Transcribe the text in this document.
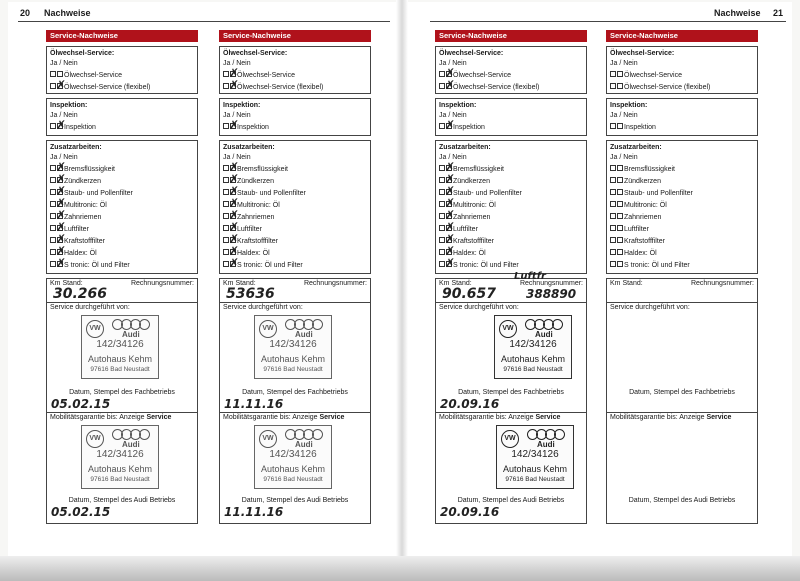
20 Nachweise	Nachweise 21
Service-Nachweise
Ölwechsel-Service:
Ja / Nein
Ölwechsel-Service
Ölwechsel-Service (flexibel)
✗
Inspektion:
Ja / Nein
Inspektion
✗
Zusatzarbeiten:
Ja / Nein
Bremsflüssigkeit
✗
Zündkerzen
✗
Staub- und Pollenfilter
✗
Multitronic: Öl
✗
Zahnriemen
✗
Luftfilter
✗
Kraftstofffilter
✗
Haldex: Öl
✗
S tronic: Öl und Filter
✗
Km Stand:	Rechnungsnummer:
30.266
Service durchgeführt von:
VW
Audi
142/34126
Autohaus Kehm
97616 Bad Neustadt
05.02.15
Datum, Stempel des Fachbetriebs
Mobilitätsgarantie bis: Anzeige Service
VW
Audi
142/34126
Autohaus Kehm
97616 Bad Neustadt
05.02.15
Datum, Stempel des Audi Betriebs
Service-Nachweise
Ölwechsel-Service:
Ja / Nein
Ölwechsel-Service
✗
Ölwechsel-Service (flexibel)
✗
Inspektion:
Ja / Nein
Inspektion
✗
Zusatzarbeiten:
Ja / Nein
Bremsflüssigkeit
✗
Zündkerzen
✗
Staub- und Pollenfilter
✗
Multitronic: Öl
✗
Zahnriemen
✗
Luftfilter
✗
Kraftstofffilter
✗
Haldex: Öl
✗
S tronic: Öl und Filter
✗
Km Stand:	Rechnungsnummer:
53636
Service durchgeführt von:
VW
Audi
142/34126
Autohaus Kehm
97616 Bad Neustadt
11.11.16
Datum, Stempel des Fachbetriebs
Mobilitätsgarantie bis: Anzeige Service
VW
Audi
142/34126
Autohaus Kehm
97616 Bad Neustadt
11.11.16
Datum, Stempel des Audi Betriebs
Service-Nachweise
Ölwechsel-Service:
Ja / Nein
Ölwechsel-Service
✗
Ölwechsel-Service (flexibel)
✗
Inspektion:
Ja / Nein
Inspektion
✗
Zusatzarbeiten:
Ja / Nein
Bremsflüssigkeit
✗
Zündkerzen
✗
Staub- und Pollenfilter
✗
Multitronic: Öl
✗
Zahnriemen
✗
Luftfilter
✗
Kraftstofffilter
✗
Haldex: Öl
✗
S tronic: Öl und Filter
✗
Km Stand:	Rechnungsnummer:
90.657 388890
Luftfr
Service durchgeführt von:
VW
Audi
142/34126
Autohaus Kehm
97616 Bad Neustadt
20.09.16
Datum, Stempel des Fachbetriebs
Mobilitätsgarantie bis: Anzeige Service
VW
Audi
142/34126
Autohaus Kehm
97616 Bad Neustadt
20.09.16
Datum, Stempel des Audi Betriebs
Service-Nachweise
Ölwechsel-Service:
Ja / Nein
Ölwechsel-Service
Ölwechsel-Service (flexibel)
Inspektion:
Ja / Nein
Inspektion
Zusatzarbeiten:
Ja / Nein
Bremsflüssigkeit
Zündkerzen
Staub- und Pollenfilter
Multitronic: Öl
Zahnriemen
Luftfilter
Kraftstofffilter
Haldex: Öl
S tronic: Öl und Filter
Km Stand:	Rechnungsnummer:
Service durchgeführt von:
Datum, Stempel des Fachbetriebs
Mobilitätsgarantie bis: Anzeige Service
Datum, Stempel des Audi Betriebs
